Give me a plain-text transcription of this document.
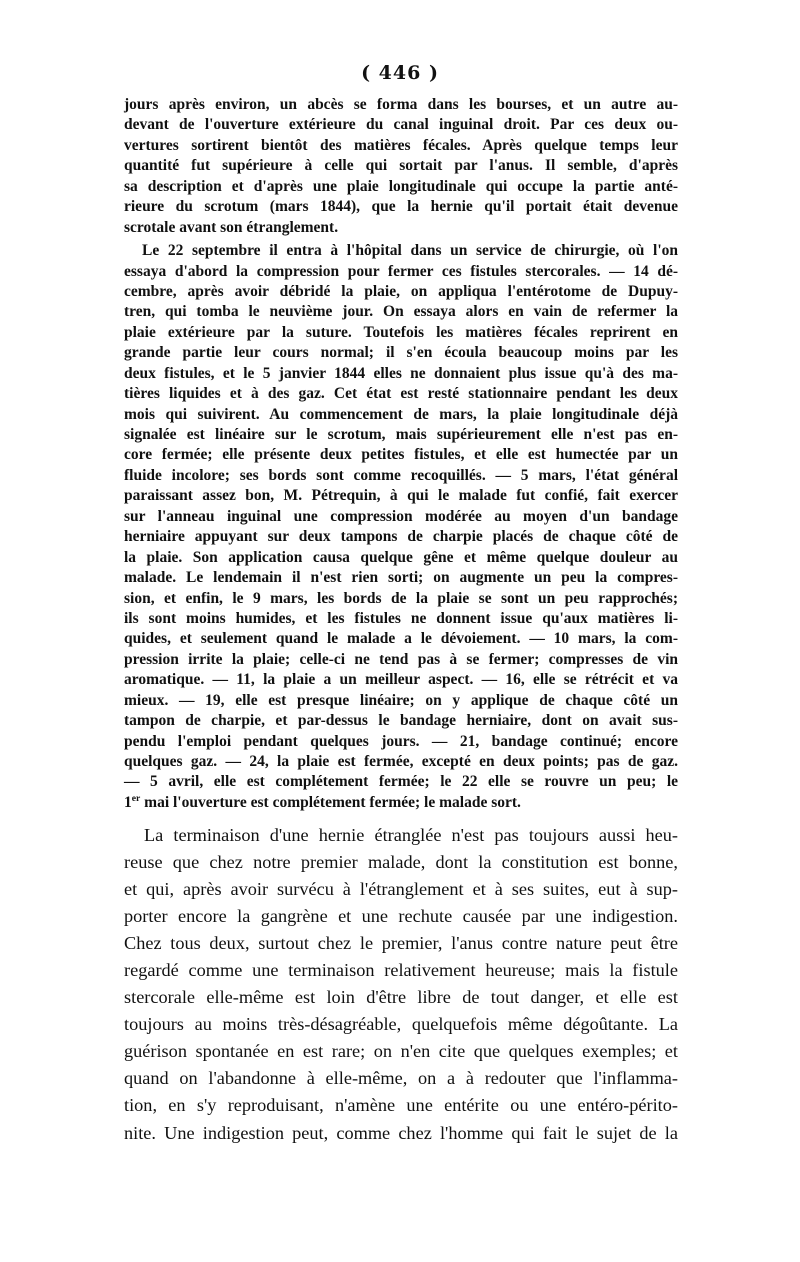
( 446 )
jours après environ, un abcès se forma dans les bourses, et un autre au-
devant de l'ouverture extérieure du canal inguinal droit. Par ces deux ou-
vertures sortirent bientôt des matières fécales. Après quelque temps leur
quantité fut supérieure à celle qui sortait par l'anus. Il semble, d'après
sa description et d'après une plaie longitudinale qui occupe la partie anté-
rieure du scrotum (mars 1844), que la hernie qu'il portait était devenue
scrotale avant son étranglement.
Le 22 septembre il entra à l'hôpital dans un service de chirurgie, où l'on
essaya d'abord la compression pour fermer ces fistules stercorales. — 14 dé-
cembre, après avoir débridé la plaie, on appliqua l'entérotome de Dupuy-
tren, qui tomba le neuvième jour. On essaya alors en vain de refermer la
plaie extérieure par la suture. Toutefois les matières fécales reprirent en
grande partie leur cours normal; il s'en écoula beaucoup moins par les
deux fistules, et le 5 janvier 1844 elles ne donnaient plus issue qu'à des ma-
tières liquides et à des gaz. Cet état est resté stationnaire pendant les deux
mois qui suivirent. Au commencement de mars, la plaie longitudinale déjà
signalée est linéaire sur le scrotum, mais supérieurement elle n'est pas en-
core fermée; elle présente deux petites fistules, et elle est humectée par un
fluide incolore; ses bords sont comme recoquillés. — 5 mars, l'état général
paraissant assez bon, M. Pétrequin, à qui le malade fut confié, fait exercer
sur l'anneau inguinal une compression modérée au moyen d'un bandage
herniaire appuyant sur deux tampons de charpie placés de chaque côté de
la plaie. Son application causa quelque gêne et même quelque douleur au
malade. Le lendemain il n'est rien sorti; on augmente un peu la compres-
sion, et enfin, le 9 mars, les bords de la plaie se sont un peu rapprochés;
ils sont moins humides, et les fistules ne donnent issue qu'aux matières li-
quides, et seulement quand le malade a le dévoiement. — 10 mars, la com-
pression irrite la plaie; celle-ci ne tend pas à se fermer; compresses de vin
aromatique. — 11, la plaie a un meilleur aspect. — 16, elle se rétrécit et va
mieux. — 19, elle est presque linéaire; on y applique de chaque côté un
tampon de charpie, et par-dessus le bandage herniaire, dont on avait sus-
pendu l'emploi pendant quelques jours. — 21, bandage continué; encore
quelques gaz. — 24, la plaie est fermée, excepté en deux points; pas de gaz.
— 5 avril, elle est complétement fermée; le 22 elle se rouvre un peu; le
1er mai l'ouverture est complétement fermée; le malade sort.
La terminaison d'une hernie étranglée n'est pas toujours aussi heu-
reuse que chez notre premier malade, dont la constitution est bonne,
et qui, après avoir survécu à l'étranglement et à ses suites, eut à sup-
porter encore la gangrène et une rechute causée par une indigestion.
Chez tous deux, surtout chez le premier, l'anus contre nature peut être
regardé comme une terminaison relativement heureuse; mais la fistule
stercorale elle-même est loin d'être libre de tout danger, et elle est
toujours au moins très-désagréable, quelquefois même dégoûtante. La
guérison spontanée en est rare; on n'en cite que quelques exemples; et
quand on l'abandonne à elle-même, on a à redouter que l'inflamma-
tion, en s'y reproduisant, n'amène une entérite ou une entéro-périto-
nite. Une indigestion peut, comme chez l'homme qui fait le sujet de la
